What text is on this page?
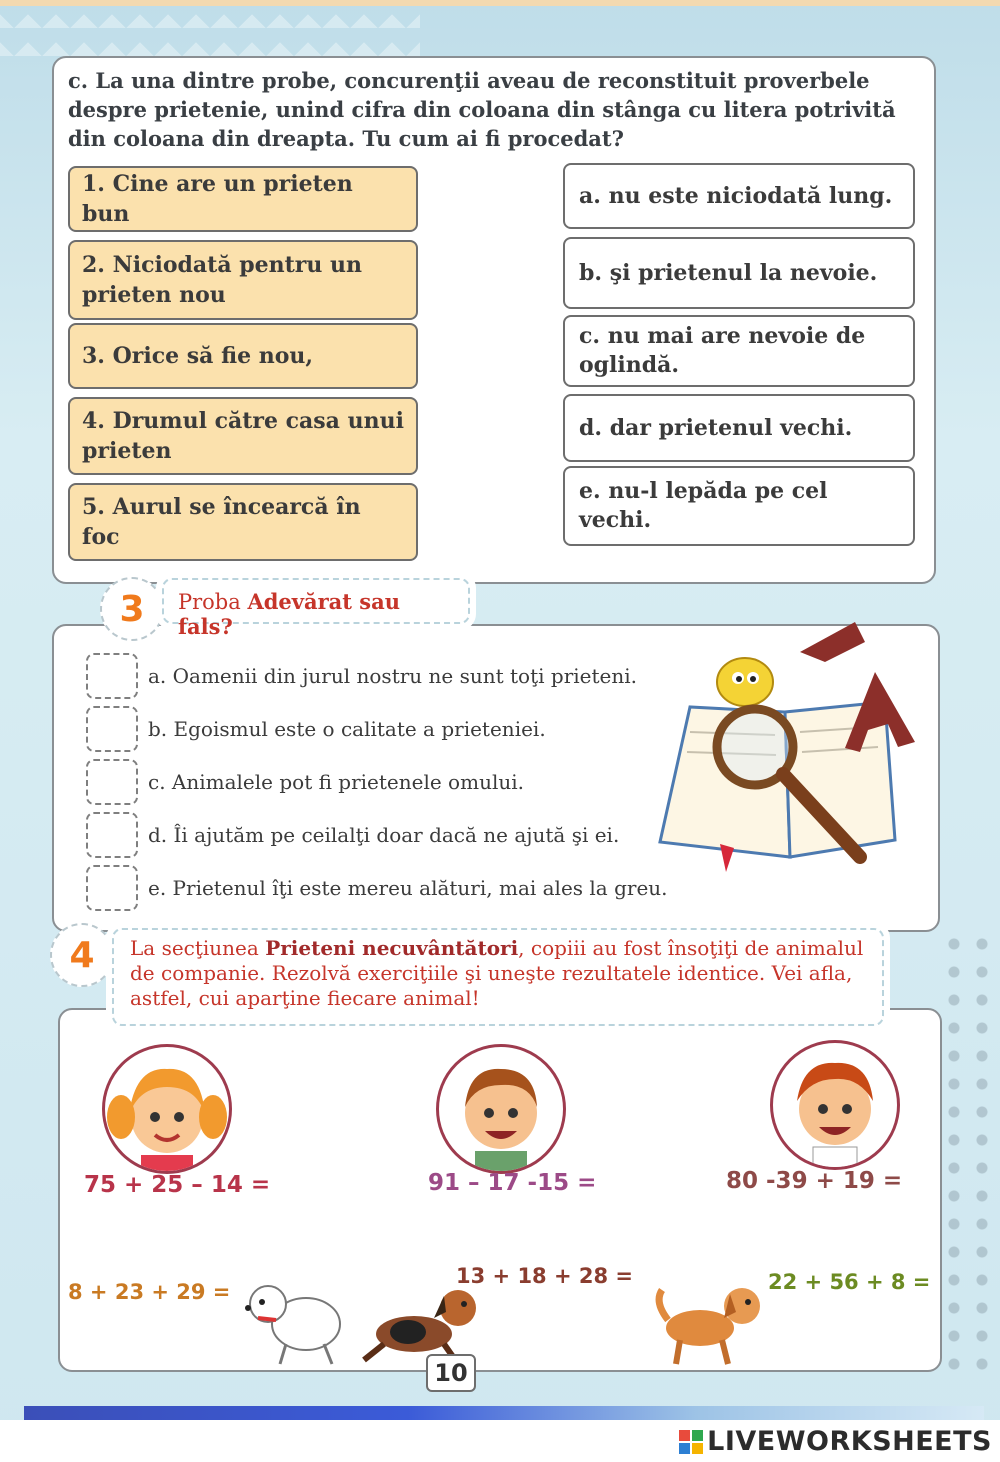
c. La una dintre probe, concurenţii aveau de reconstituit proverbele despre prietenie, unind cifra din coloana din stânga cu litera potrivită din coloana din dreapta. Tu cum ai fi procedat?
1. Cine are un prieten bun
2. Niciodată pentru un prieten nou
3. Orice să fie nou,
4. Drumul către casa unui prieten
5. Aurul se încearcă în foc
a. nu este niciodată lung.
b. şi prietenul la nevoie.
c. nu mai are nevoie de oglindă.
d. dar prietenul vechi.
e. nu-l lepăda pe cel vechi.
3	Proba Adevărat sau fals?
a. Oamenii din jurul nostru ne sunt toţi prieteni.
b. Egoismul este o calitate a prieteniei.
c. Animalele pot fi prietenele omului.
d. Îi ajutăm pe ceilalţi doar dacă ne ajută şi ei.
e. Prietenul îţi este mereu alături, mai ales la greu.
4	La secţiunea Prieteni necuvântători, copiii au fost însoţiţi de animalul de companie. Rezolvă exerciţiile şi uneşte rezultatele identice. Vei afla, astfel, cui aparţine fiecare animal!
75 + 25 – 14 =	91 – 17 -15 =	80 -39 + 19 =
8 + 23 + 29 =
13 + 18 + 28 =	22 + 56 + 8 =
10
LIVEWORKSHEETS
